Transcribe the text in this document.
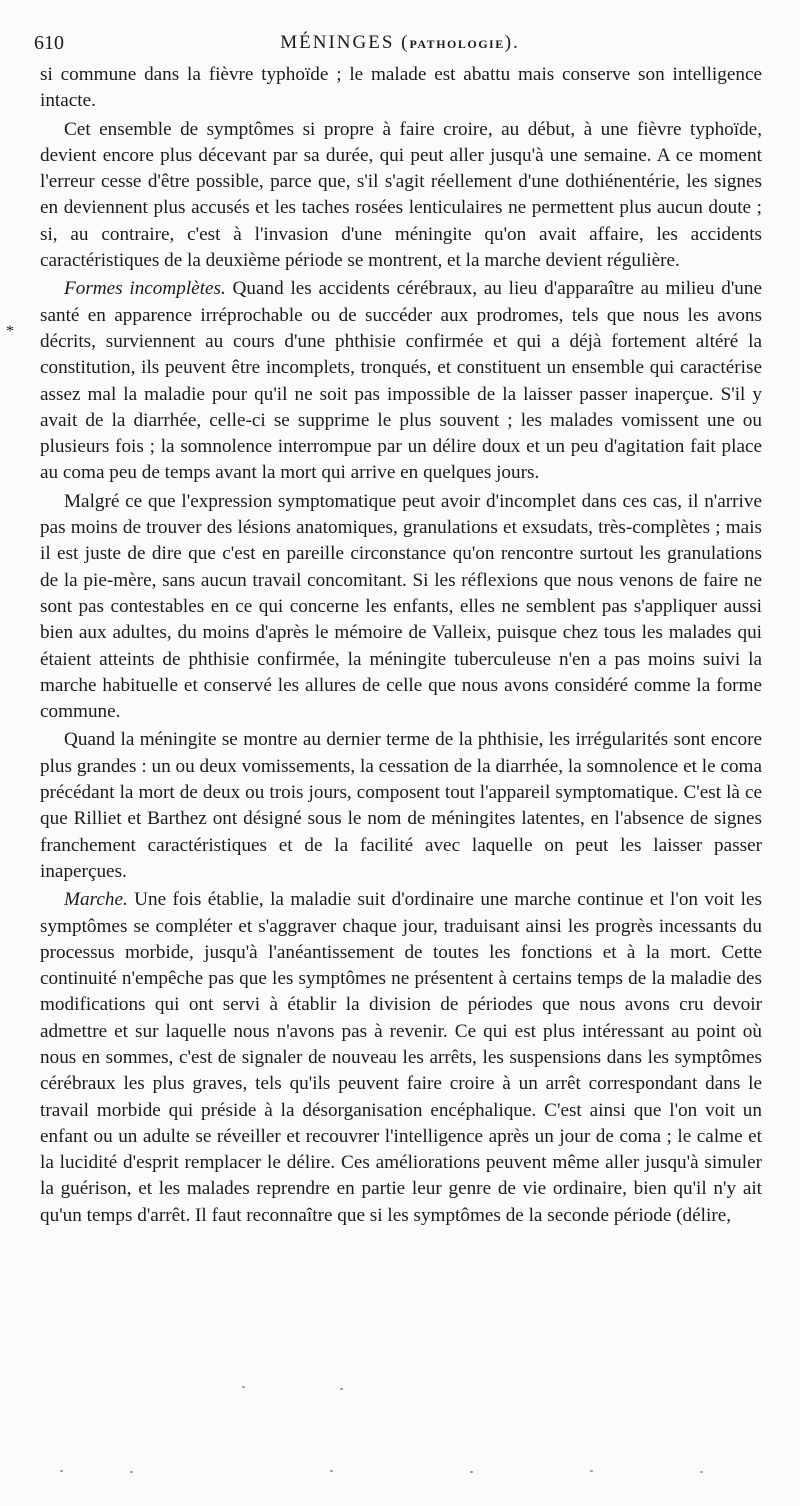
610	MÉNINGES (PATHOLOGIE).
*

si commune dans la fièvre typhoïde ; le malade est abattu mais conserve son intelligence intacte.

Cet ensemble de symptômes si propre à faire croire, au début, à une fièvre typhoïde, devient encore plus décevant par sa durée, qui peut aller jusqu'à une semaine. A ce moment l'erreur cesse d'être possible, parce que, s'il s'agit réellement d'une dothiénentérie, les signes en deviennent plus accusés et les taches rosées lenticulaires ne permettent plus aucun doute ; si, au contraire, c'est à l'invasion d'une méningite qu'on avait affaire, les accidents caractéristiques de la deuxième période se montrent, et la marche devient régulière.

Formes incomplètes. Quand les accidents cérébraux, au lieu d'apparaître au milieu d'une santé en apparence irréprochable ou de succéder aux prodromes, tels que nous les avons décrits, surviennent au cours d'une phthisie confirmée et qui a déjà fortement altéré la constitution, ils peuvent être incomplets, tronqués, et constituent un ensemble qui caractérise assez mal la maladie pour qu'il ne soit pas impossible de la laisser passer inaperçue. S'il y avait de la diarrhée, celle-ci se supprime le plus souvent ; les malades vomissent une ou plusieurs fois ; la somnolence interrompue par un délire doux et un peu d'agitation fait place au coma peu de temps avant la mort qui arrive en quelques jours.

Malgré ce que l'expression symptomatique peut avoir d'incomplet dans ces cas, il n'arrive pas moins de trouver des lésions anatomiques, granulations et exsudats, très-complètes ; mais il est juste de dire que c'est en pareille circonstance qu'on rencontre surtout les granulations de la pie-mère, sans aucun travail concomitant. Si les réflexions que nous venons de faire ne sont pas contestables en ce qui concerne les enfants, elles ne semblent pas s'appliquer aussi bien aux adultes, du moins d'après le mémoire de Valleix, puisque chez tous les malades qui étaient atteints de phthisie confirmée, la méningite tuberculeuse n'en a pas moins suivi la marche habituelle et conservé les allures de celle que nous avons considéré comme la forme commune.

Quand la méningite se montre au dernier terme de la phthisie, les irrégularités sont encore plus grandes : un ou deux vomissements, la cessation de la diarrhée, la somnolence et le coma précédant la mort de deux ou trois jours, composent tout l'appareil symptomatique. C'est là ce que Rilliet et Barthez ont désigné sous le nom de méningites latentes, en l'absence de signes franchement caractéristiques et de la facilité avec laquelle on peut les laisser passer inaperçues.

Marche. Une fois établie, la maladie suit d'ordinaire une marche continue et l'on voit les symptômes se compléter et s'aggraver chaque jour, traduisant ainsi les progrès incessants du processus morbide, jusqu'à l'anéantissement de toutes les fonctions et à la mort. Cette continuité n'empêche pas que les symptômes ne présentent à certains temps de la maladie des modifications qui ont servi à établir la division de périodes que nous avons cru devoir admettre et sur laquelle nous n'avons pas à revenir. Ce qui est plus intéressant au point où nous en sommes, c'est de signaler de nouveau les arrêts, les suspensions dans les symptômes cérébraux les plus graves, tels qu'ils peuvent faire croire à un arrêt correspondant dans le travail morbide qui préside à la désorganisation encéphalique. C'est ainsi que l'on voit un enfant ou un adulte se réveiller et recouvrer l'intelligence après un jour de coma ; le calme et la lucidité d'esprit remplacer le délire. Ces améliorations peuvent même aller jusqu'à simuler la guérison, et les malades reprendre en partie leur genre de vie ordinaire, bien qu'il n'y ait qu'un temps d'arrêt. Il faut reconnaître que si les symptômes de la seconde période (délire,
